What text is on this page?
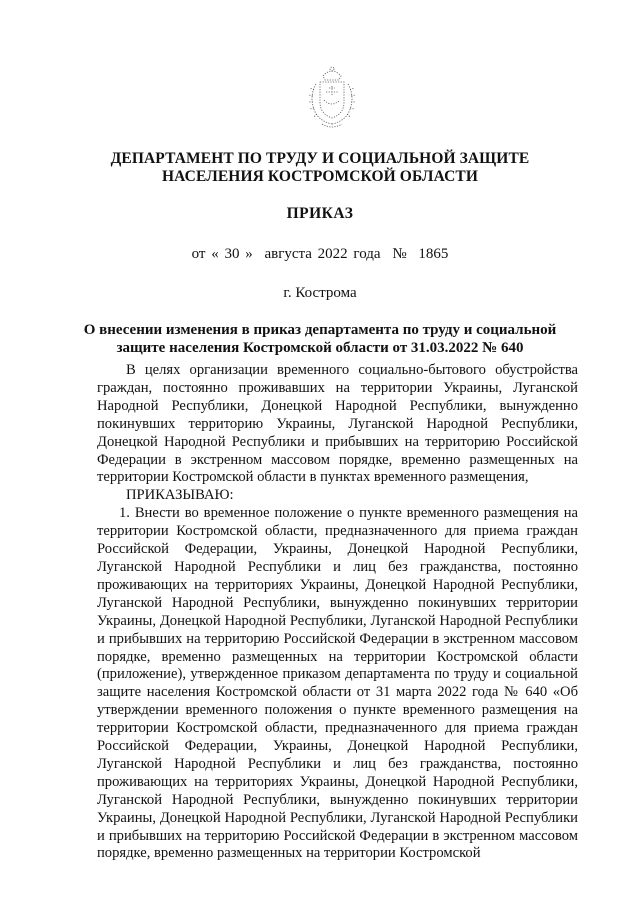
ДЕПАРТАМЕНТ ПО ТРУДУ И СОЦИАЛЬНОЙ ЗАЩИТЕ
НАСЕЛЕНИЯ КОСТРОМСКОЙ ОБЛАСТИ
ПРИКАЗ
от « 30 » августа 2022 года № 1865
г. Кострома
О внесении изменения в приказ департамента по труду и социальной
защите населения Костромской области от 31.03.2022 № 640

В целях организации временного социально-бытового обустройства граждан, постоянно проживавших на территории Украины, Луганской Народной Республики, Донецкой Народной Республики, вынужденно покинувших территорию Украины, Луганской Народной Республики, Донецкой Народной Республики и прибывших на территорию Российской Федерации в экстренном массовом порядке, временно размещенных на территории Костромской области в пунктах временного размещения,

ПРИКАЗЫВАЮ:

1. Внести во временное положение о пункте временного размещения на территории Костромской области, предназначенного для приема граждан Российской Федерации, Украины, Донецкой Народной Республики, Луганской Народной Республики и лиц без гражданства, постоянно проживающих на территориях Украины, Донецкой Народной Республики, Луганской Народной Республики, вынужденно покинувших территории Украины, Донецкой Народной Республики, Луганской Народной Республики и прибывших на территорию Российской Федерации в экстренном массовом порядке, временно размещенных на территории Костромской области (приложение), утвержденное приказом департамента по труду и социальной защите населения Костромской области от 31 марта 2022 года № 640 «Об утверждении временного положения о пункте временного размещения на территории Костромской области, предназначенного для приема граждан Российской Федерации, Украины, Донецкой Народной Республики, Луганской Народной Республики и лиц без гражданства, постоянно проживающих на территориях Украины, Донецкой Народной Республики, Луганской Народной Республики, вынужденно покинувших территории Украины, Донецкой Народной Республики, Луганской Народной Республики и прибывших на территорию Российской Федерации в экстренном массовом порядке, временно размещенных на территории Костромской
